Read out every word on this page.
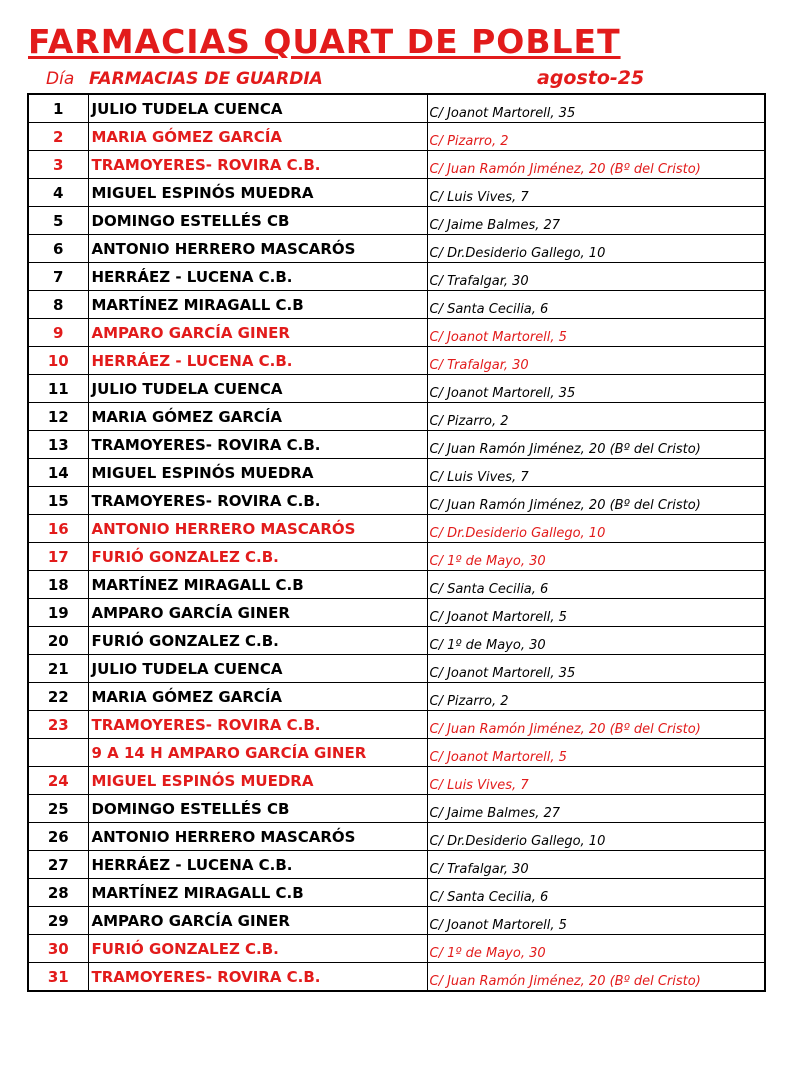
FARMACIAS QUART DE POBLET
Día FARMACIAS DE GUARDIA	agosto-25
1	JULIO TUDELA CUENCA	C/ Joanot Martorell, 35
2	MARIA GÓMEZ GARCÍA	C/ Pizarro, 2
3	TRAMOYERES- ROVIRA C.B.	C/ Juan Ramón Jiménez, 20 (Bº del Cristo)
4	MIGUEL ESPINÓS MUEDRA	C/ Luis Vives, 7
5	DOMINGO ESTELLÉS CB	C/ Jaime Balmes, 27
6	ANTONIO HERRERO MASCARÓS	C/ Dr.Desiderio Gallego, 10
7	HERRÁEZ - LUCENA C.B.	C/ Trafalgar, 30
8	MARTÍNEZ MIRAGALL C.B	C/ Santa Cecilia, 6
9	AMPARO GARCÍA GINER	C/ Joanot Martorell, 5
10	HERRÁEZ - LUCENA C.B.	C/ Trafalgar, 30
11	JULIO TUDELA CUENCA	C/ Joanot Martorell, 35
12	MARIA GÓMEZ GARCÍA	C/ Pizarro, 2
13	TRAMOYERES- ROVIRA C.B.	C/ Juan Ramón Jiménez, 20 (Bº del Cristo)
14	MIGUEL ESPINÓS MUEDRA	C/ Luis Vives, 7
15	TRAMOYERES- ROVIRA C.B.	C/ Juan Ramón Jiménez, 20 (Bº del Cristo)
16	ANTONIO HERRERO MASCARÓS	C/ Dr.Desiderio Gallego, 10
17	FURIÓ GONZALEZ C.B.	C/ 1º de Mayo, 30
18	MARTÍNEZ MIRAGALL C.B	C/ Santa Cecilia, 6
19	AMPARO GARCÍA GINER	C/ Joanot Martorell, 5
20	FURIÓ GONZALEZ C.B.	C/ 1º de Mayo, 30
21	JULIO TUDELA CUENCA	C/ Joanot Martorell, 35
22	MARIA GÓMEZ GARCÍA	C/ Pizarro, 2
23	TRAMOYERES- ROVIRA C.B.	C/ Juan Ramón Jiménez, 20 (Bº del Cristo)
	9 A 14 H AMPARO GARCÍA GINER	C/ Joanot Martorell, 5
24	MIGUEL ESPINÓS MUEDRA	C/ Luis Vives, 7
25	DOMINGO ESTELLÉS CB	C/ Jaime Balmes, 27
26	ANTONIO HERRERO MASCARÓS	C/ Dr.Desiderio Gallego, 10
27	HERRÁEZ - LUCENA C.B.	C/ Trafalgar, 30
28	MARTÍNEZ MIRAGALL C.B	C/ Santa Cecilia, 6
29	AMPARO GARCÍA GINER	C/ Joanot Martorell, 5
30	FURIÓ GONZALEZ C.B.	C/ 1º de Mayo, 30
31	TRAMOYERES- ROVIRA C.B.	C/ Juan Ramón Jiménez, 20 (Bº del Cristo)
